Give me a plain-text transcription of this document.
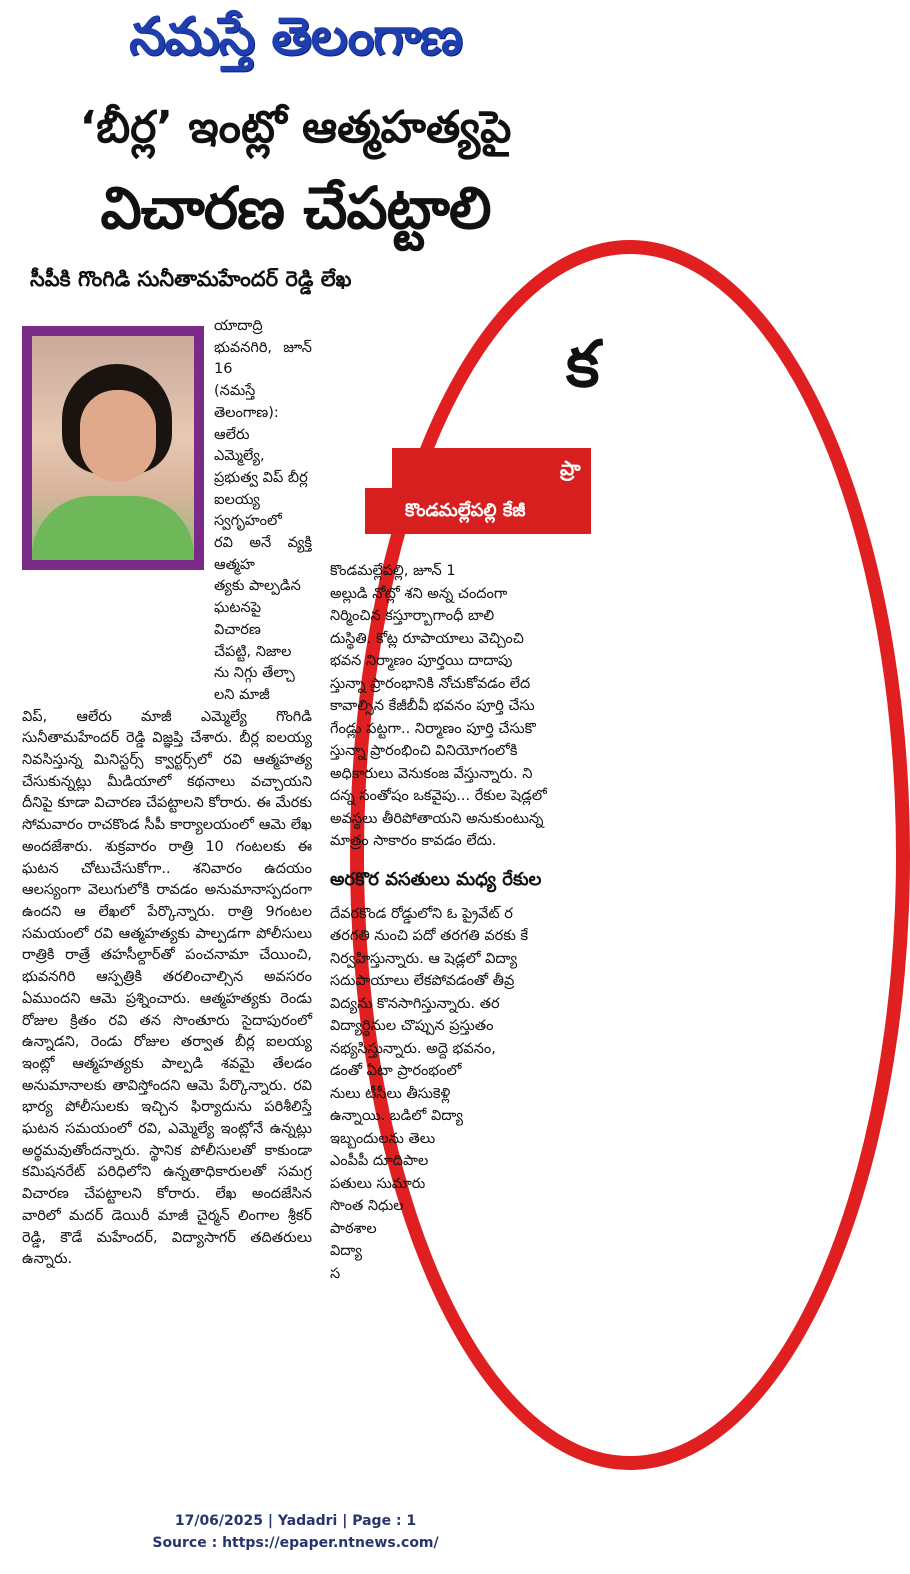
నమస్తే తెలంగాణ
‘బీర్ల’ ఇంట్లో ఆత్మహత్యపై
విచారణ చేపట్టాలి
సీపీకి గొంగిడి సునీతామహేందర్ రెడ్డి లేఖ
క
ప్రా
కొండమల్లేపల్లి కేజీ
కొండమల్లేపల్లి, జూన్ 1
అల్లుడి నోట్లో శని అన్న చందంగా
నిర్మించిన కస్తూర్బాగాంధీ బాలి
దుస్థితి. కోట్ల రూపాయాలు వెచ్చించి
భవన నిర్మాణం పూర్తయి దాదాపు
స్తున్నా ప్రారంభానికి నోచుకోవడం లేద
కావాల్సిన కేజీబీవీ భవనం పూర్తి చేసు
గేండ్లు పట్టగా.. నిర్మాణం పూర్తి చేసుకొ
స్తున్నా ప్రారంభించి వినియోగంలోకి
అధికారులు వెనుకంజ వేస్తున్నారు. ని
దన్న సంతోషం ఒకవైపు... రేకుల షెడ్లలో
అవస్థలు తీరిపోతాయని అనుకుంటున్న
మాత్రం సాకారం కావడం లేదు.
అరకొర వసతులు మధ్య రేకుల
దేవరకొండ రోడ్డులోని ఓ ప్రైవేట్ ర
తరగతి నుంచి పదో తరగతి వరకు కే
నిర్వహిస్తున్నారు. ఆ షెడ్లలో విద్యా
సదుపాయాలు లేకపోవడంతో తీవ్ర
విద్యను కొనసాగిస్తున్నారు. తర
విద్యార్థినుల చొప్పున ప్రస్తుతం
నభ్యసిస్తున్నారు. అద్దె భవనం,
డంతో ఏటా ప్రారంభంలో
నులు టీసీలు తీసుకెళ్లి
ఉన్నాయి. బడిలో విద్యా
ఇబ్బందులను తెలు
ఎంపీపీ దూదిపాల
పతులు సుమారు
సొంత నిధుల
పాఠశాల
విద్యా
స
యాదాద్రి భువనగిరి, జూన్ 16
(నమస్తే తెలంగాణ): ఆలేరు
ఎమ్మెల్యే, ప్రభుత్వ విప్ బీర్ల
ఐలయ్య స్వగృహంలో
రవి అనే వ్యక్తి ఆత్మహ
త్యకు పాల్పడిన
ఘటనపై విచారణ
చేపట్టి, నిజాల
ను నిగ్గు తేల్చా
లని మాజీ

విప్, ఆలేరు మాజీ ఎమ్మెల్యే గొంగిడి సునీతామహేందర్ రెడ్డి విజ్ఞప్తి చేశారు. బీర్ల ఐలయ్య నివసిస్తున్న మినిస్టర్స్ క్వార్టర్స్‌లో రవి ఆత్మహత్య చేసుకున్నట్లు మీడియాలో కథనాలు వచ్చాయని దీనిపై కూడా విచారణ చేపట్టాలని కోరారు. ఈ మేరకు సోమవారం రాచకొండ సీపీ కార్యాలయంలో ఆమె లేఖ అందజేశారు. శుక్రవారం రాత్రి 10 గంటలకు ఈ ఘటన చోటుచేసుకోగా.. శనివారం ఉదయం ఆలస్యంగా వెలుగులోకి రావడం అనుమానాస్పదంగా ఉందని ఆ లేఖలో పేర్కొన్నారు. రాత్రి 9గంటల సమయంలో రవి ఆత్మహత్యకు పాల్పడగా పోలీసులు రాత్రికి రాత్రే తహసీల్దార్‌తో పంచనామా చేయించి, భువనగిరి ఆస్పత్రికి తరలించాల్సిన అవసరం ఏముందని ఆమె ప్రశ్నించారు. ఆత్మహత్యకు రెండు రోజుల క్రితం రవి తన సొంతూరు సైదాపురంలో ఉన్నాడని, రెండు రోజుల తర్వాత బీర్ల ఐలయ్య ఇంట్లో ఆత్మహత్యకు పాల్పడి శవమై తేలడం అనుమానాలకు తావిస్తోందని ఆమె పేర్కొన్నారు. రవి భార్య పోలీసులకు ఇచ్చిన ఫిర్యాదును పరిశీలిస్తే ఘటన సమయంలో రవి, ఎమ్మెల్యే ఇంట్లోనే ఉన్నట్లు అర్థమవుతోందన్నారు. స్థానిక పోలీసులతో కాకుండా కమిషనరేట్ పరిధిలోని ఉన్నతాధికారులతో సమగ్ర విచారణ చేపట్టాలని కోరారు. లేఖ అందజేసిన వారిలో మదర్ డెయిరీ మాజీ చైర్మన్ లింగాల శ్రీకర్ రెడ్డి, కౌడే మహేందర్, విద్యాసాగర్ తదితరులు ఉన్నారు.

17/06/2025 | Yadadri | Page : 1
Source : https://epaper.ntnews.com/
